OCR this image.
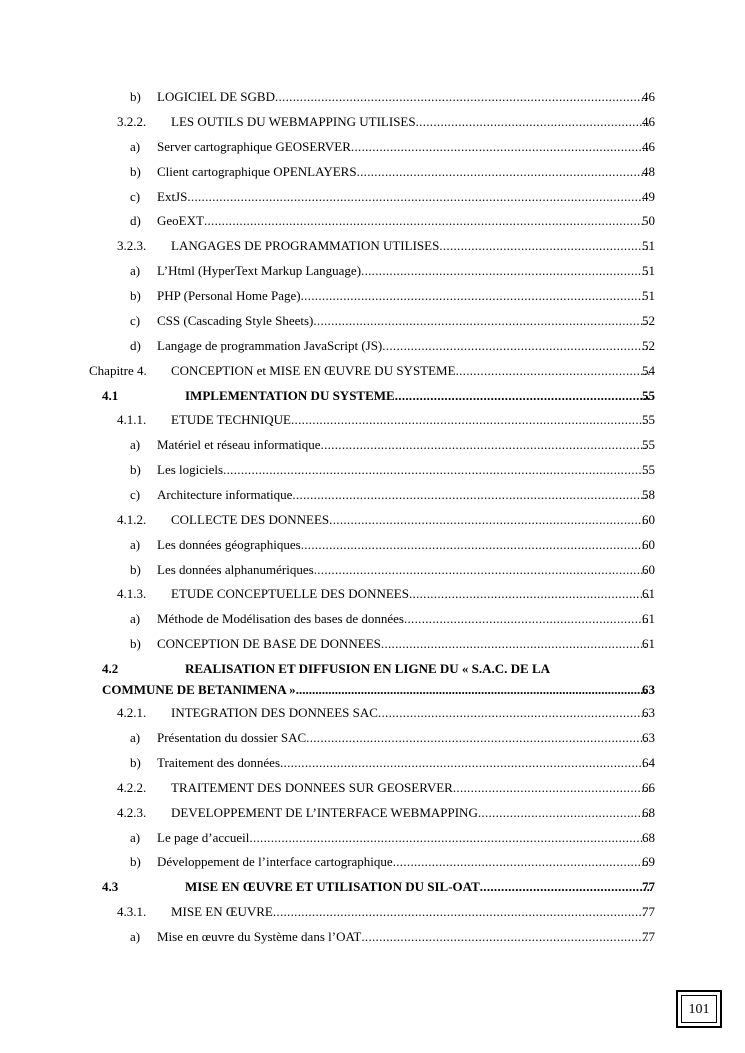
b) LOGICIEL DE SGBD .....	46
3.2.2. LES OUTILS DU WEBMAPPING UTILISES .....	46
a) Server cartographique GEOSERVER .....	46
b) Client cartographique OPENLAYERS .....	48
c) ExtJS .....	49
d) GeoEXT .....	50
3.2.3. LANGAGES DE PROGRAMMATION UTILISES .....	51
a) L’Html (HyperText Markup Language) .....	51
b) PHP (Personal Home Page) .....	51
c) CSS (Cascading Style Sheets) .....	52
d) Langage de programmation JavaScript (JS) .....	52
Chapitre 4. CONCEPTION et MISE EN ŒUVRE DU SYSTEME .....	54
4.1	IMPLEMENTATION DU SYSTEME .....	55
4.1.1. ETUDE TECHNIQUE .....	55
a) Matériel et réseau informatique .....	55
b) Les logiciels .....	55
c) Architecture informatique .....	58
4.1.2. COLLECTE DES DONNEES .....	60
a) Les données géographiques .....	60
b) Les données alphanumériques .....	60
4.1.3. ETUDE CONCEPTUELLE DES DONNEES .....	61
a) Méthode de Modélisation des bases de données .....	61
b) CONCEPTION DE BASE DE DONNEES .....	61
4.2	REALISATION ET DIFFUSION EN LIGNE DU « S.A.C. DE LA
COMMUNE DE BETANIMENA » .....	63
4.2.1. INTEGRATION DES DONNEES SAC .....	63
a) Présentation du dossier SAC .....	63
b) Traitement des données .....	64
4.2.2. TRAITEMENT DES DONNEES SUR GEOSERVER .....	66
4.2.3. DEVELOPPEMENT DE L’INTERFACE WEBMAPPING .....	68
a) Le page d’accueil .....	68
b) Développement de l’interface cartographique .....	69
4.3	MISE EN ŒUVRE ET UTILISATION DU SIL-OAT .....	77
4.3.1. MISE EN ŒUVRE .....	77
a) Mise en œuvre du Système dans l’OAT .....	77
101
